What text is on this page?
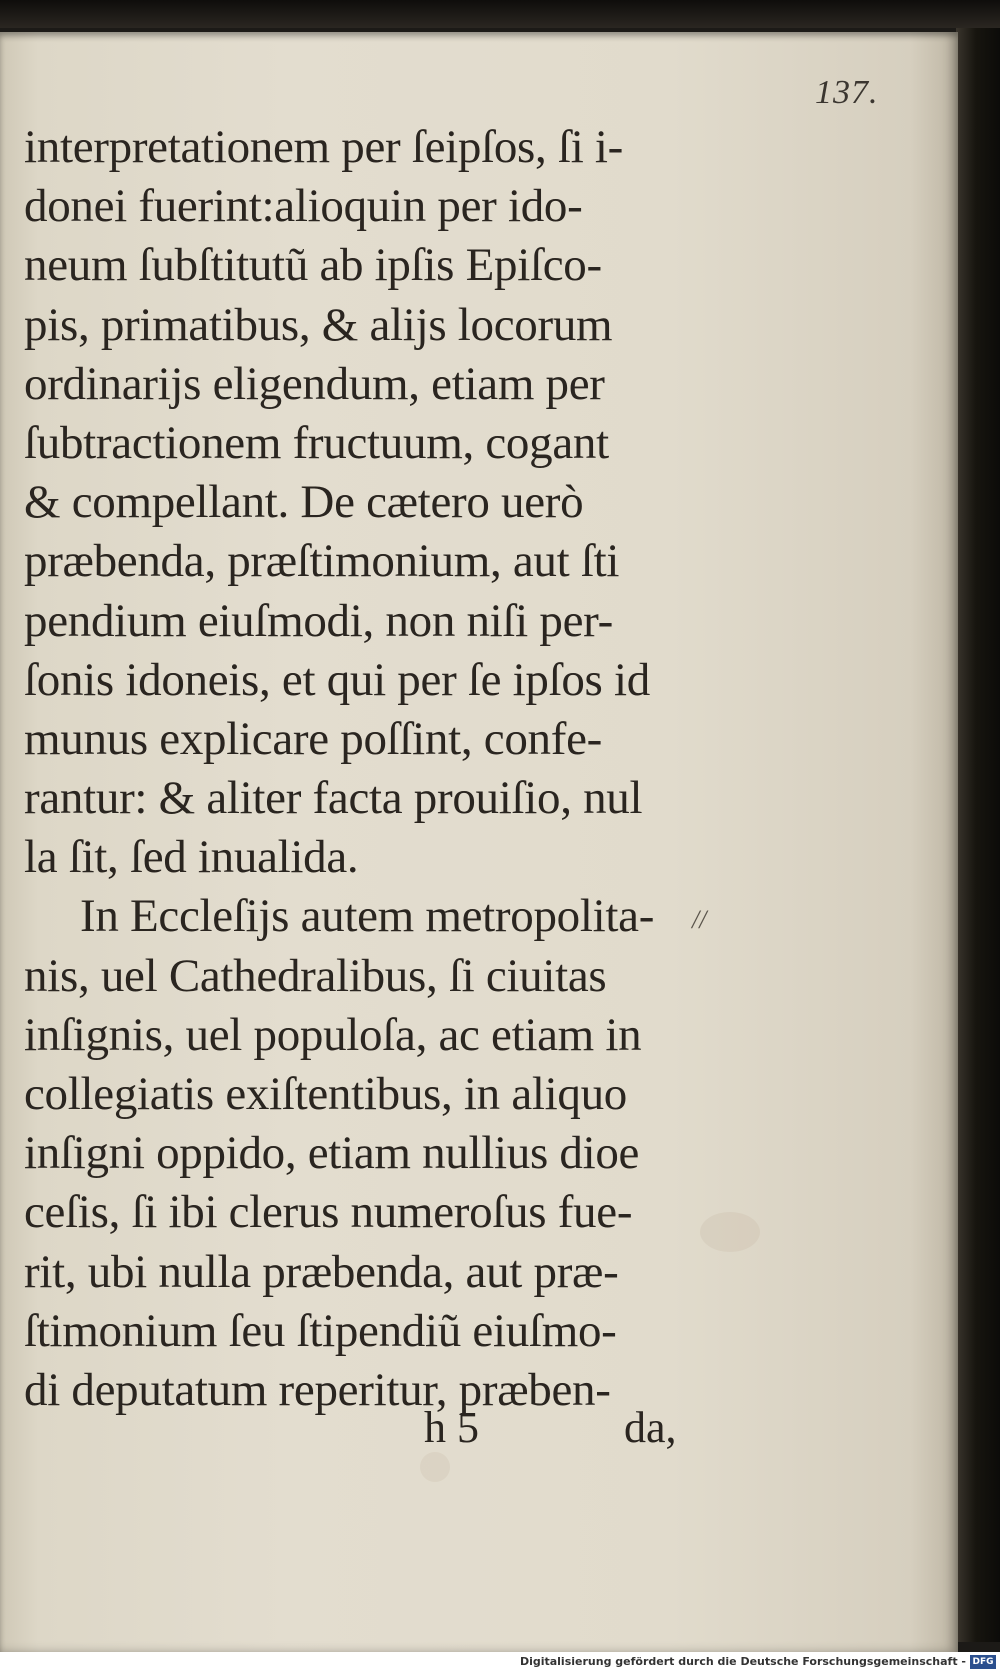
137.
interpretationem per ſeipſos, ſi i-
donei fuerint:alioquin per ido-
neum ſubſtitutũ ab ipſis Epiſco-
pis, primatibus, & alijs locorum
ordinarijs eligendum, etiam per
ſubtractionem fructuum, cogant
& compellant. De cætero uerò
præbenda, præſtimonium, aut ſti
pendium eiuſmodi, non niſi per-
ſonis idoneis, et qui per ſe ipſos id
munus explicare poſſint, confe-
rantur: & aliter facta prouiſio, nul
la ſit, ſed inualida.
In Eccleſijs autem metropolita-
nis, uel Cathedralibus, ſi ciuitas
inſignis, uel populoſa, ac etiam in
collegiatis exiſtentibus, in aliquo
inſigni oppido, etiam nullius dioe
ceſis, ſi ibi clerus numeroſus fue-
rit, ubi nulla præbenda, aut præ-
ſtimonium ſeu ſtipendiũ eiuſmo-
di deputatum reperitur, præben-
//
h 5	da,
Digitalisierung gefördert durch die Deutsche Forschungsgemeinschaft - DFG
